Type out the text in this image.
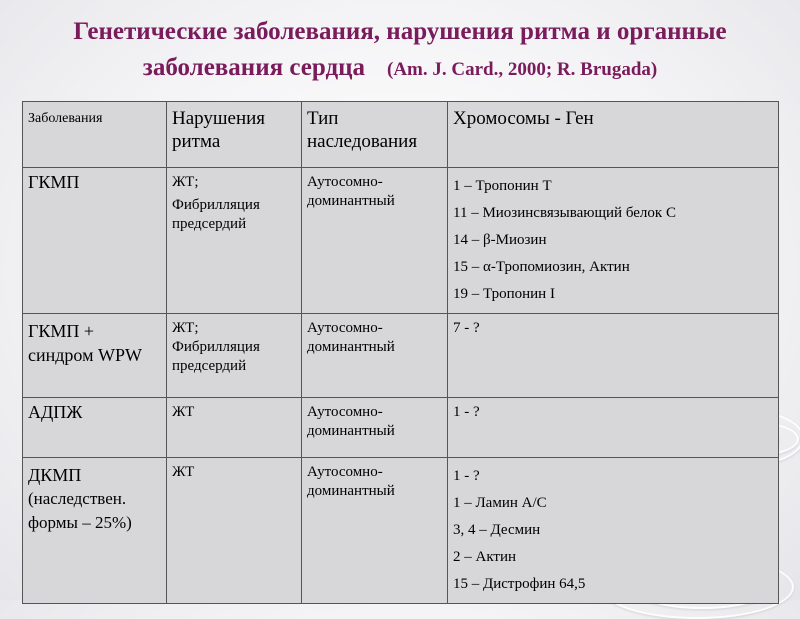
Генетические заболевания, нарушения ритма и органные
заболевания сердца (Am. J. Card., 2000; R. Brugada)
Заболевания	Нарушения ритма	Тип наследования	Хромосомы - Ген

ГКМП	ЖТ;
Фибрилляция
предсердий	Аутосомно-
доминантный	1 – Тропонин Т
11 – Миозинсвязывающий белок С
14 – β-Миозин
15 – α-Тропомиозин, Актин
19 – Тропонин I

ГКМП +
синдром WPW	ЖТ;
Фибрилляция
предсердий	Аутосомно-
доминантный	7 - ?

АДПЖ	ЖТ	Аутосомно-
доминантный	1 - ?

ДКМП
(наследствен.
формы – 25%)	ЖТ	Аутосомно-
доминантный	1 - ?
1 – Ламин А/С
3, 4 – Десмин
2 – Актин
15 – Дистрофин 64,5
